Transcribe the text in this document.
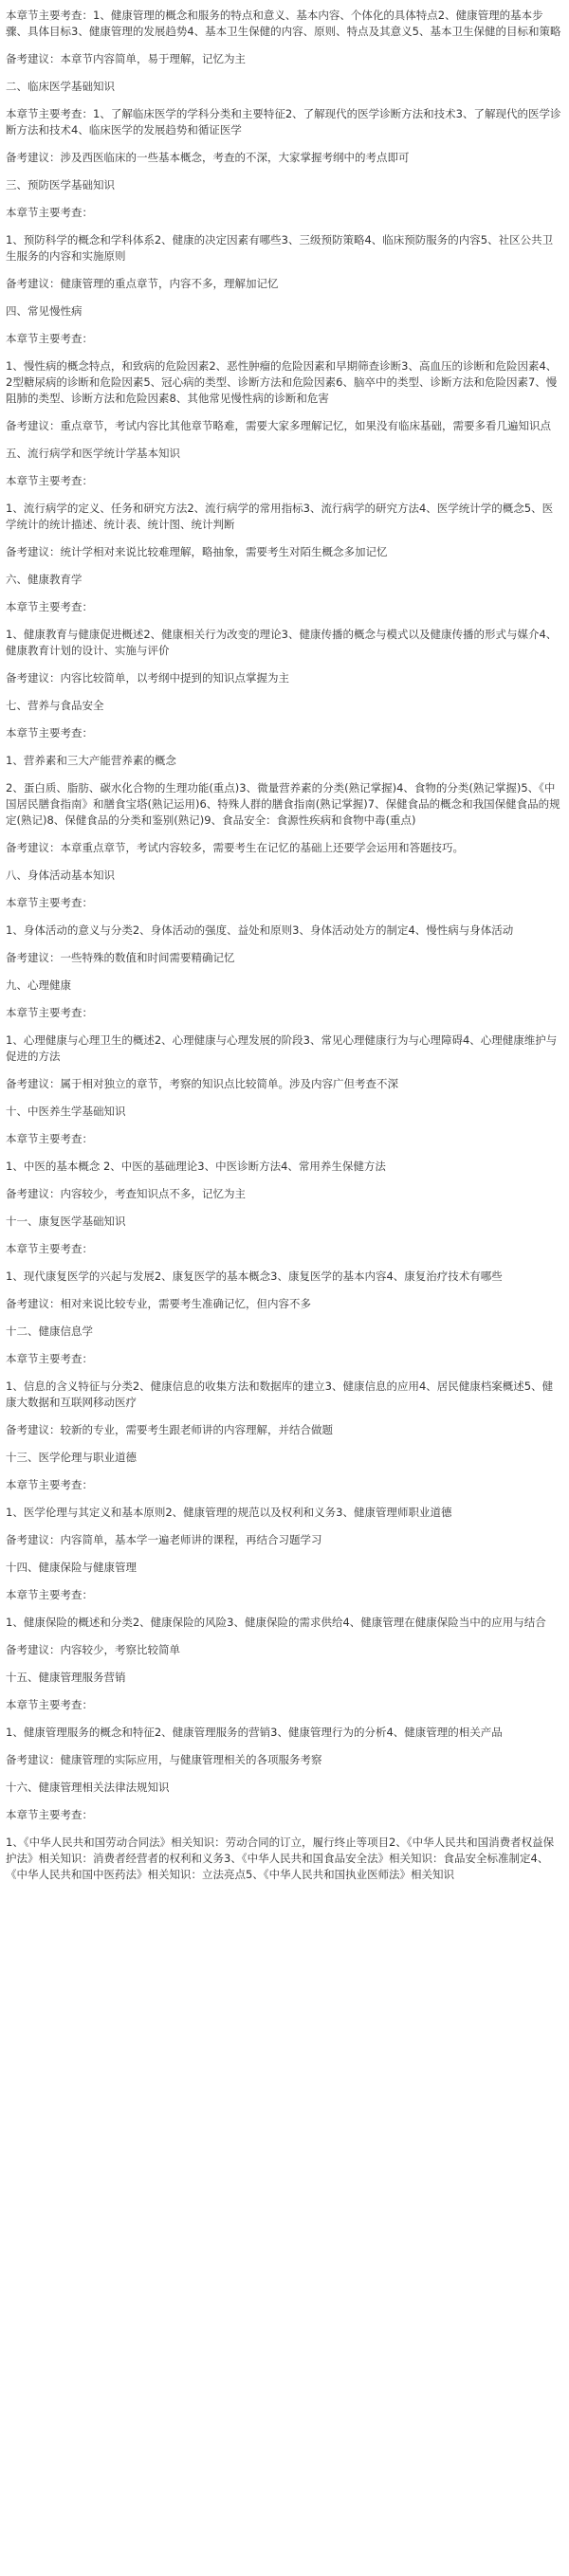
本章节主要考查：1、健康管理的概念和服务的特点和意义、基本内容、个体化的具体特点2、健康管理的基本步骤、具体目标3、健康管理的发展趋势4、基本卫生保健的内容、原则、特点及其意义5、基本卫生保健的目标和策略

备考建议：本章节内容简单，易于理解，记忆为主

二、临床医学基础知识

本章节主要考查：1、了解临床医学的学科分类和主要特征2、了解现代的医学诊断方法和技术3、了解现代的医学诊断方法和技术4、临床医学的发展趋势和循证医学

备考建议：涉及西医临床的一些基本概念，考查的不深，大家掌握考纲中的考点即可

三、预防医学基础知识

本章节主要考查：

1、预防科学的概念和学科体系2、健康的决定因素有哪些3、三级预防策略4、临床预防服务的内容5、社区公共卫生服务的内容和实施原则

备考建议：健康管理的重点章节，内容不多，理解加记忆

四、常见慢性病

本章节主要考查：

1、慢性病的概念特点，和致病的危险因素2、恶性肿瘤的危险因素和早期筛查诊断3、高血压的诊断和危险因素4、2型糖尿病的诊断和危险因素5、冠心病的类型、诊断方法和危险因素6、脑卒中的类型、诊断方法和危险因素7、慢阻肺的类型、诊断方法和危险因素8、其他常见慢性病的诊断和危害

备考建议：重点章节，考试内容比其他章节略难，需要大家多理解记忆，如果没有临床基础，需要多看几遍知识点

五、流行病学和医学统计学基本知识

本章节主要考查：

1、流行病学的定义、任务和研究方法2、流行病学的常用指标3、流行病学的研究方法4、医学统计学的概念5、医学统计的统计描述、统计表、统计图、统计判断

备考建议：统计学相对来说比较难理解，略抽象，需要考生对陌生概念多加记忆

六、健康教育学

本章节主要考查：

1、健康教育与健康促进概述2、健康相关行为改变的理论3、健康传播的概念与模式以及健康传播的形式与媒介4、健康教育计划的设计、实施与评价

备考建议：内容比较简单，以考纲中提到的知识点掌握为主

七、营养与食品安全

本章节主要考查：

1、营养素和三大产能营养素的概念

2、蛋白质、脂肪、碳水化合物的生理功能(重点)3、微量营养素的分类(熟记掌握)4、食物的分类(熟记掌握)5、《中国居民膳食指南》和膳食宝塔(熟记运用)6、特殊人群的膳食指南(熟记掌握)7、保健食品的概念和我国保健食品的规定(熟记)8、保健食品的分类和鉴别(熟记)9、食品安全：食源性疾病和食物中毒(重点)

备考建议：本章重点章节，考试内容较多，需要考生在记忆的基础上还要学会运用和答题技巧。

八、身体活动基本知识

本章节主要考查：

1、身体活动的意义与分类2、身体活动的强度、益处和原则3、身体活动处方的制定4、慢性病与身体活动

备考建议：一些特殊的数值和时间需要精确记忆

九、心理健康

本章节主要考查：

1、心理健康与心理卫生的概述2、心理健康与心理发展的阶段3、常见心理健康行为与心理障碍4、心理健康维护与促进的方法

备考建议：属于相对独立的章节，考察的知识点比较简单。涉及内容广但考查不深

十、中医养生学基础知识

本章节主要考查：

1、中医的基本概念 2、中医的基础理论3、中医诊断方法4、常用养生保健方法

备考建议：内容较少，考查知识点不多，记忆为主

十一、康复医学基础知识

本章节主要考查：

1、现代康复医学的兴起与发展2、康复医学的基本概念3、康复医学的基本内容4、康复治疗技术有哪些

备考建议：相对来说比较专业，需要考生准确记忆，但内容不多

十二、健康信息学

本章节主要考查：

1、信息的含义特征与分类2、健康信息的收集方法和数据库的建立3、健康信息的应用4、居民健康档案概述5、健康大数据和互联网移动医疗

备考建议：较新的专业，需要考生跟老师讲的内容理解，并结合做题

十三、医学伦理与职业道德

本章节主要考查：

1、医学伦理与其定义和基本原则2、健康管理的规范以及权利和义务3、健康管理师职业道德

备考建议：内容简单，基本学一遍老师讲的课程，再结合习题学习

十四、健康保险与健康管理

本章节主要考查：

1、健康保险的概述和分类2、健康保险的风险3、健康保险的需求供给4、健康管理在健康保险当中的应用与结合

备考建议：内容较少，考察比较简单

十五、健康管理服务营销

本章节主要考查：

1、健康管理服务的概念和特征2、健康管理服务的营销3、健康管理行为的分析4、健康管理的相关产品

备考建议：健康管理的实际应用，与健康管理相关的各项服务考察

十六、健康管理相关法律法规知识

本章节主要考查：

1、《中华人民共和国劳动合同法》相关知识：劳动合同的订立，履行终止等项目2、《中华人民共和国消费者权益保护法》相关知识：消费者经营者的权利和义务3、《中华人民共和国食品安全法》相关知识：食品安全标准制定4、《中华人民共和国中医药法》相关知识：立法亮点5、《中华人民共和国执业医师法》相关知识
